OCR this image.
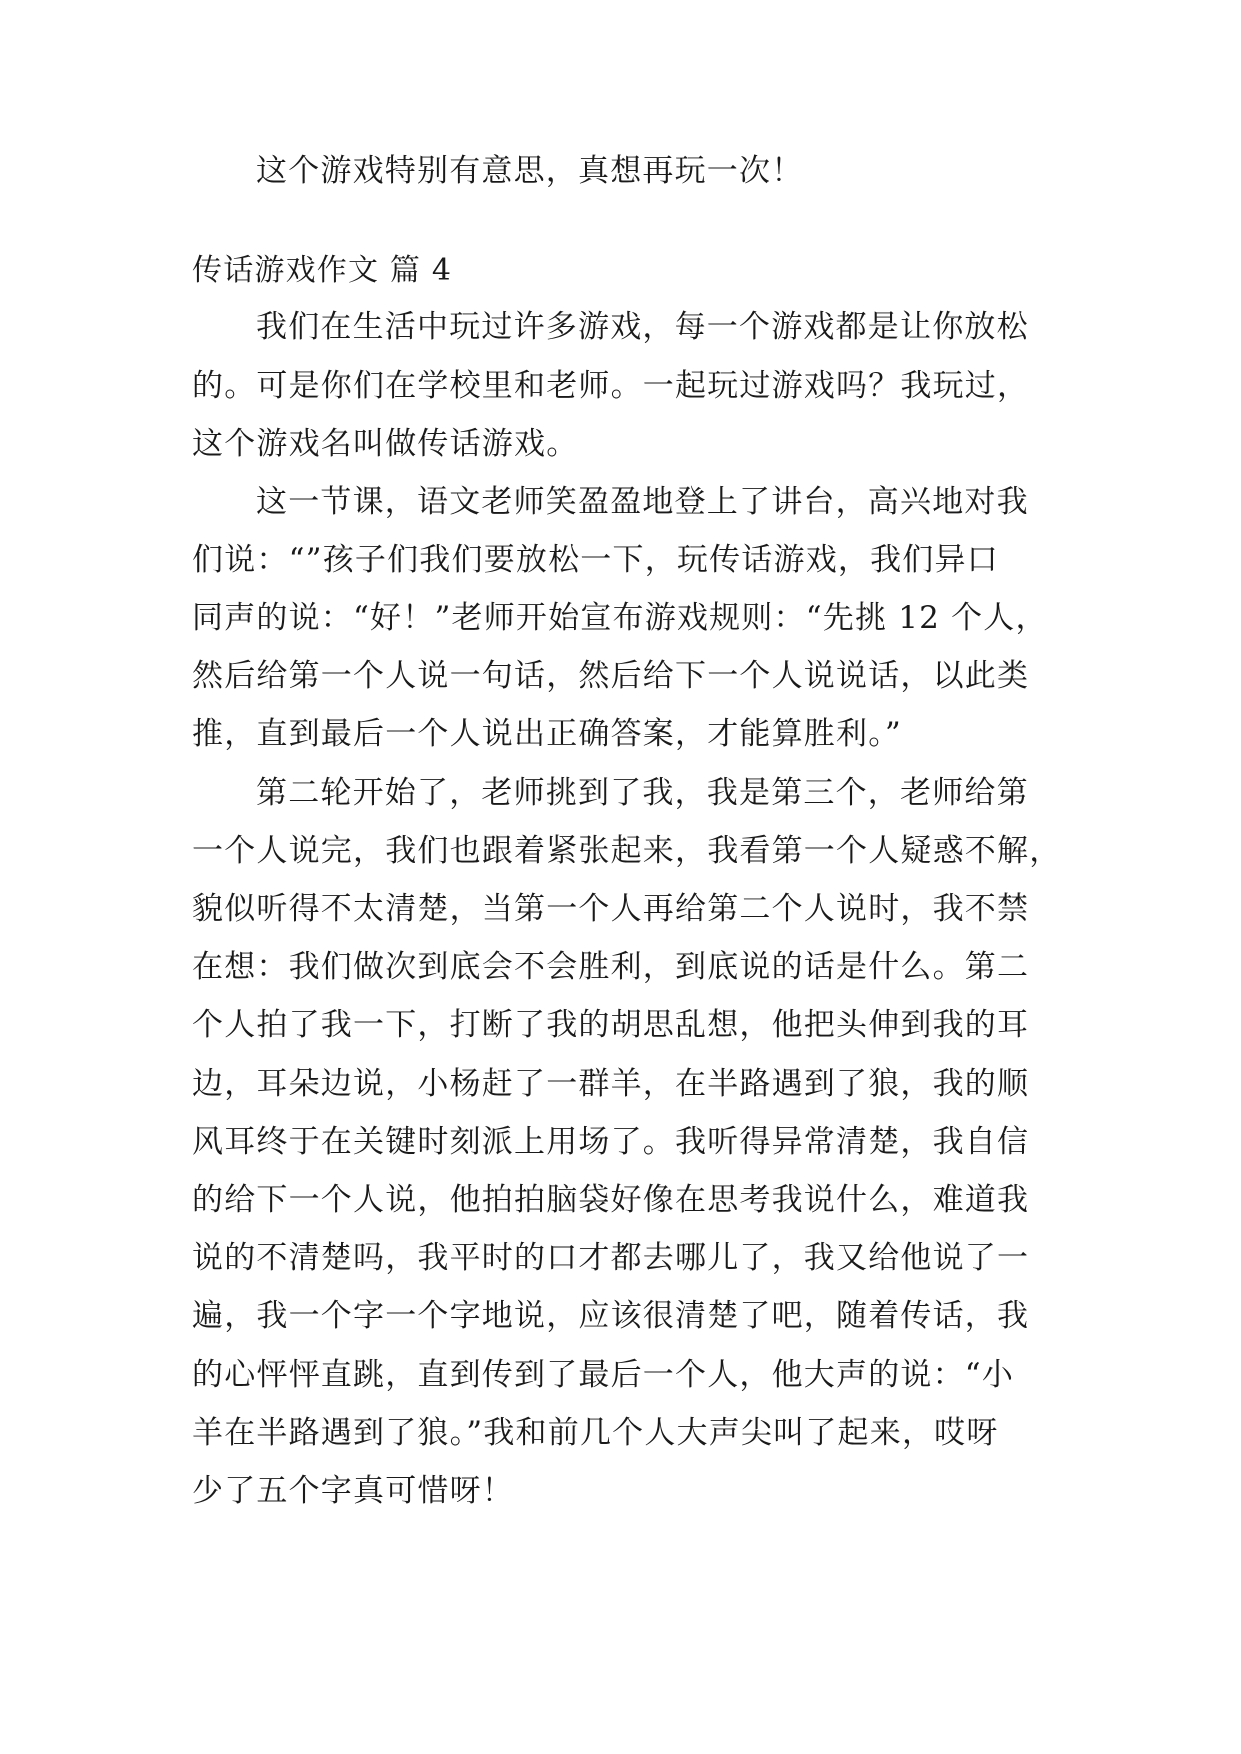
这个游戏特别有意思，真想再玩一次！
传话游戏作文 篇 4
我们在生活中玩过许多游戏，每一个游戏都是让你放松
的。可是你们在学校里和老师。一起玩过游戏吗？我玩过，
这个游戏名叫做传话游戏。
这一节课，语文老师笑盈盈地登上了讲台，高兴地对我
们说：“”孩子们我们要放松一下，玩传话游戏，我们异口
同声的说：“好！”老师开始宣布游戏规则：“先挑 12 个人，
然后给第一个人说一句话，然后给下一个人说说话，以此类
推，直到最后一个人说出正确答案，才能算胜利。”
第二轮开始了，老师挑到了我，我是第三个，老师给第
一个人说完，我们也跟着紧张起来，我看第一个人疑惑不解，
貌似听得不太清楚，当第一个人再给第二个人说时，我不禁
在想：我们做次到底会不会胜利，到底说的话是什么。第二
个人拍了我一下，打断了我的胡思乱想，他把头伸到我的耳
边，耳朵边说，小杨赶了一群羊，在半路遇到了狼，我的顺
风耳终于在关键时刻派上用场了。我听得异常清楚，我自信
的给下一个人说，他拍拍脑袋好像在思考我说什么，难道我
说的不清楚吗，我平时的口才都去哪儿了，我又给他说了一
遍，我一个字一个字地说，应该很清楚了吧，随着传话，我
的心怦怦直跳，直到传到了最后一个人，他大声的说：“小
羊在半路遇到了狼。”我和前几个人大声尖叫了起来，哎呀
少了五个字真可惜呀！
